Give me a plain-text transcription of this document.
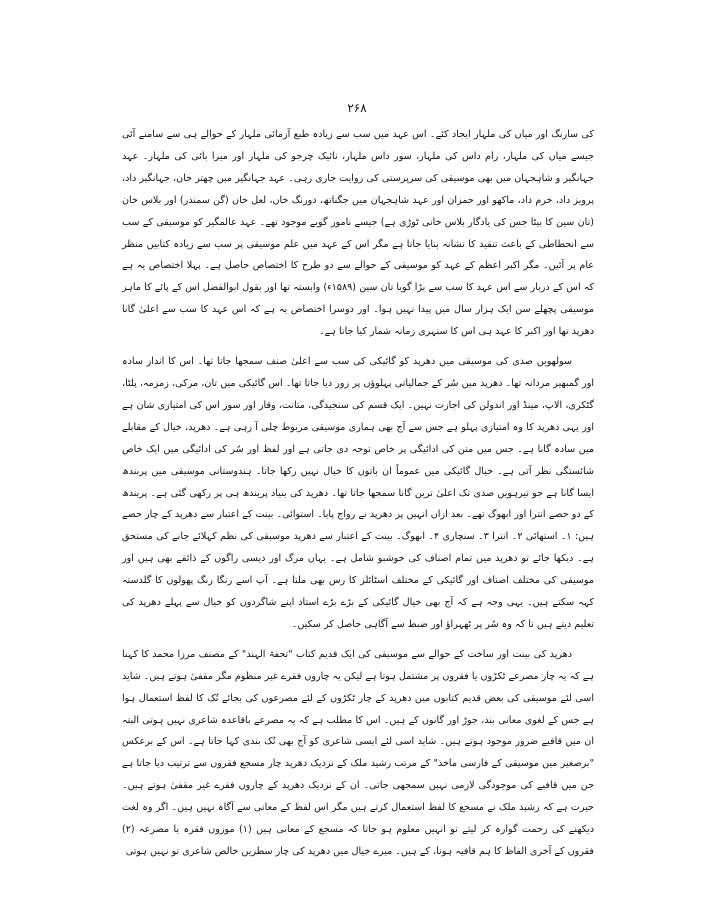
۲۶۸

کی سارنگ اور میاں کی ملہار ایجاد کئے۔ اس عہد میں سب سے زیادہ طبع آزمائی ملہار کے حوالے ہی سے سامنے آئی جیسے میاں کی ملہار، رام داس کی ملہار، سور داس ملہار، نائیک چرجو کی ملہار اور میرا بائی کی ملہار۔ عہد جہانگیر و شاہجہان میں بھی موسیقی کی سرپرستی کی روایت جاری رہی۔ عہد جہانگیر میں چھتر خان، جہانگیر داد، پرویز داد، خرم داد، ماکھو اور حمزان اور عہد شاہجہان میں جگناتھ، دورنگ خاں، لعل خاں (گن سمندر) اور بلاس خان (تان سین کا بیٹا جس کی یادگار بلاس خانی ٹوڑی ہے) جیسے نامور گویے موجود تھے۔ عہد عالمگیر کو موسیقی کے سب سے انحطاطی کے باعث تنقید کا نشانہ بنایا جاتا ہے مگر اس کے عہد میں علم موسیقی پر سب سے زیادہ کتابیں منظر عام پر آئیں۔ مگر اکبر اعظم کے عہد کو موسیقی کے حوالے سے دو طرح کا اختصاص حاصل ہے۔ پہلا اختصاص یہ ہے کہ اس کے دربار سے اس عہد کا سب سے بڑا گویا تان سین (۱۵۸۹ء) وابستہ تھا اور بقول ابوالفضل اس کے پائے کا ماہر موسیقی پچھلے سن ایک ہزار سال میں پیدا نہیں ہوا۔ اور دوسرا اختصاص یہ ہے کہ اس عہد کا سب سے اعلیٰ گانا دھرپد تھا اور اکبر کا عہد ہی اس کا سنہری زمانہ شمار کیا جاتا ہے۔

سولھویں صدی کی موسیقی میں دھرپد کو گائیکی کی سب سے اعلیٰ صنف سمجھا جاتا تھا۔ اس کا انداز سادہ اور گمبھیر مردانہ تھا۔ دھرپد میں سُر کے جمالیاتی پہلوؤں پر زور دیا جاتا تھا۔ اس گائیکی میں تان، مرکی، زمزمہ، پلٹا، گٹکری، الاپ، مینڈ اور اندولن کی اجازت نہیں۔ ایک قسم کی سنجیدگی، متانت، وقار اور سوز اس کی امتیازی شان ہے اور یہی دھرپد کا وہ امتیازی پہلو ہے جس سے آج بھی ہماری موسیقی مربوط چلی آ رہی ہے۔ دھرپد، خیال کے مقابلے میں سادہ گانا ہے۔ جس میں متن کی ادائیگی پر خاص توجہ دی جاتی ہے اور لفظ اور سُر کی ادائیگی میں ایک خاص شائستگی نظر آتی ہے۔ خیال گائیکی میں عموماً ان باتوں کا خیال نہیں رکھا جاتا۔ ہندوستانی موسیقی میں پربندھ ایسا گانا ہے جو تیرہویں صدی تک اعلیٰ ترین گانا سمجھا جاتا تھا۔ دھرپد کی بنیاد پربندھ ہی پر رکھی گئی ہے۔ پربندھ کے دو حصے انترا اور ابھوگ تھے۔ بعد ازاں انہیں پر دھرپد نے رواج پایا۔ استوائی۔ بینت کے اعتبار سے دھرپد کے چار حصے ہیں: ۱۔ استھائی ۲۔ انترا ۳۔ سنچاری ۴۔ ابھوگ۔ بینت کے اعتبار سے دھرپد موسیقی کی نظم کہلائے جانے کی مستحق ہے۔ دیکھا جائے تو دھرپد میں تمام اصناف کی خوشبو شامل ہے۔ یہاں مرگ اور دیسی راگوں کے ذائقے بھی ہیں اور موسیقی کی مختلف اصناف اور گائیکی کے مختلف اسٹائلز کا رس بھی ملتا ہے۔ آپ اسے رنگا رنگ پھولوں کا گلدستہ کہہ سکتے ہیں۔ یہی وجہ ہے کہ آج بھی خیال گائیکی کے بڑے بڑے استاد اپنے شاگردوں کو خیال سے پہلے دھرپد کی تعلیم دیتے ہیں تا کہ وہ سُر پر ٹھہراؤ اور ضبط سے آگاہی حاصل کر سکیں۔

دھرپد کی بینت اور ساخت کے حوالے سے موسیقی کی ایک قدیم کتاب "تحفۃ الہند" کے مصنف مرزا محمد کا کہنا ہے کہ یہ چار مصرعے ٹکڑوں یا فقروں پر مشتمل ہوتا ہے لیکن یہ چاروں فقرے غیر منظوم مگر مقفیٰ ہوتے ہیں۔ شاید اسی لئے موسیقی کی بعض قدیم کتابوں میں دھرپد کے چار ٹکڑوں کے لئے مصرعوں کی بجائے تُک کا لفظ استعمال ہوا ہے جس کے لغوی معانی بند، جوڑ اور گانوں کے ہیں۔ اس کا مطلب ہے کہ یہ مصرعے باقاعدہ شاعری نہیں ہوتی البتہ ان میں قافیے ضرور موجود ہوتے ہیں۔ شاید اسی لئے ایسی شاعری کو آج بھی تُک بندی کہا جاتا ہے۔ اس کے برعکس "برصغیر میں موسیقی کے فارسی ماخذ" کے مرتب رشید ملک کے نزدیک دھرپد چار مسجع فقروں سے ترتیب دیا جاتا ہے جن میں قافیے کی موجودگی لازمی نہیں سمجھی جاتی۔ ان کے نزدیک دھرپد کے چاروں فقرے غیر مقفیٰ ہوتے ہیں۔ حیرت ہے کہ رشید ملک نے مسجع کا لفظ استعمال کرتے ہیں مگر اس لفظ کے معانی سے آگاہ نہیں ہیں۔ اگر وہ لغت دیکھنے کی زحمت گوارہ کر لیتے تو انہیں معلوم ہو جاتا کہ مسجع کے معانی ہیں (۱) موزوں فقرہ یا مصرعہ (۲) فقروں کے آخری الفاظ کا ہم قافیہ ہونا، کے ہیں۔ میرے خیال میں دھرپد کی چار سطریں خالص شاعری تو نہیں ہوتی
